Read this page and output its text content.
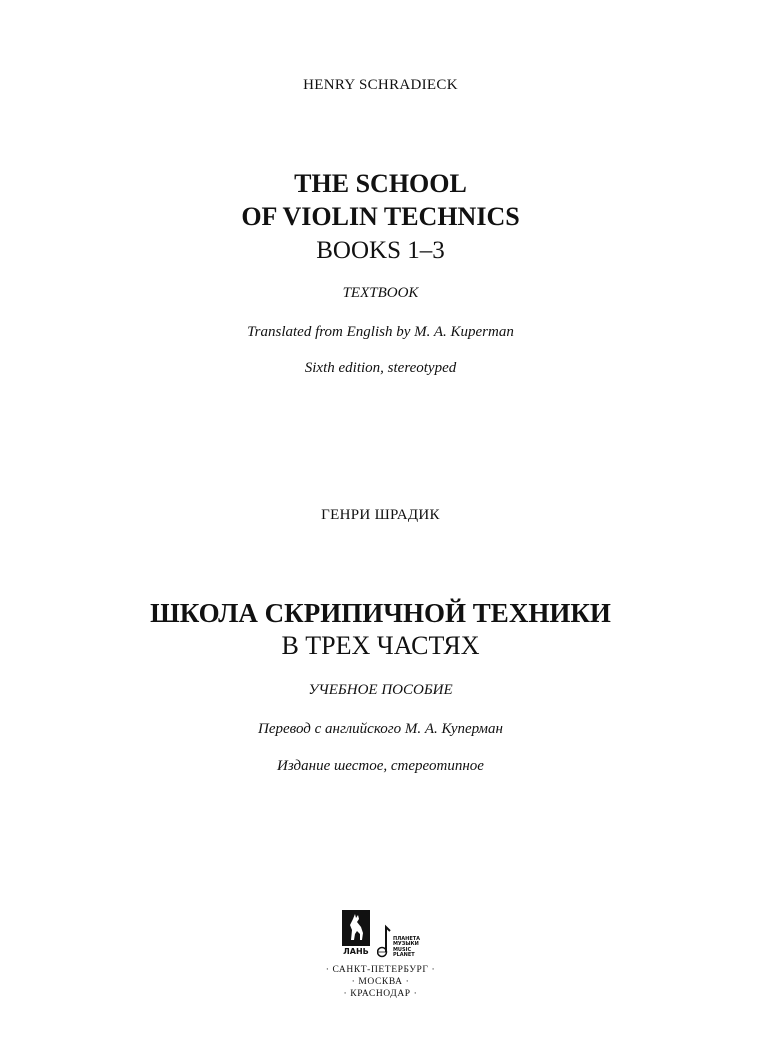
HENRY SCHRADIECK
THE SCHOOL
OF VIOLIN TECHNICS
BOOKS 1–3
TEXTBOOK
Translated from English by M. A. Kuperman
Sixth edition, stereotyped
ГЕНРИ ШРАДИК
ШКОЛА СКРИПИЧНОЙ ТЕХНИКИ
В ТРЕХ ЧАСТЯХ
УЧЕБНОЕ ПОСОБИЕ
Перевод с английского М. А. Куперман
Издание шестое, стереотипное
ЛАНЬ
ПЛАНЕТА
МУЗЫКИ
MUSIC
PLANET
· САНКТ-ПЕТЕРБУРГ ·
· МОСКВА ·
· КРАСНОДАР ·
